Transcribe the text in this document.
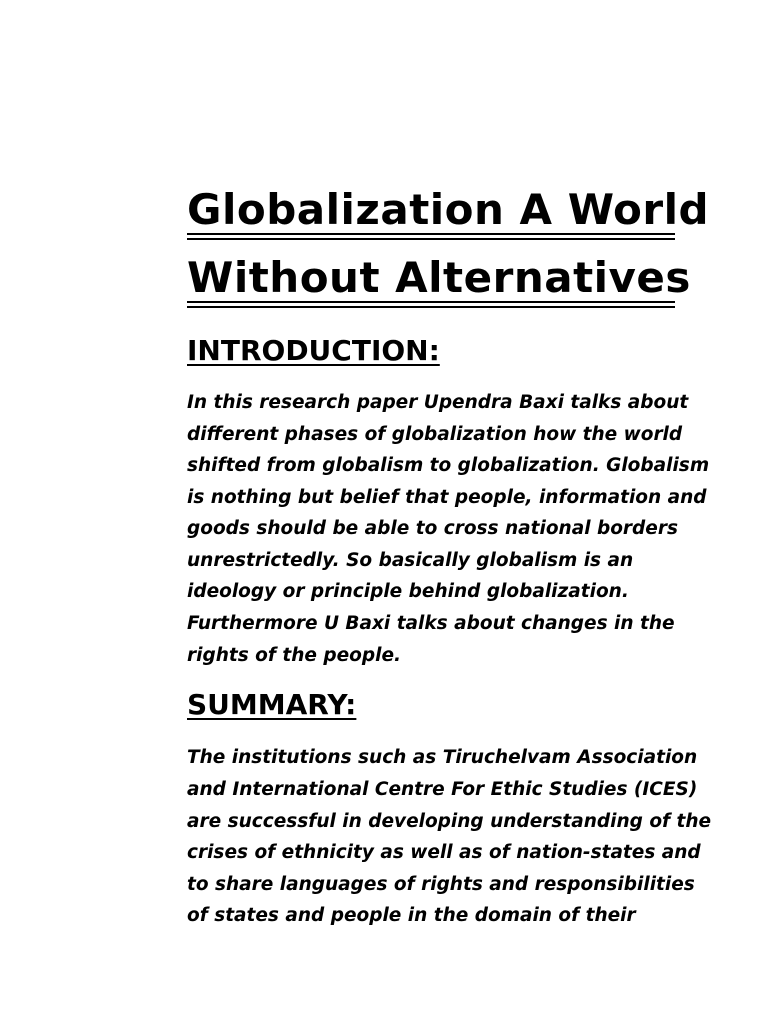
Globalization A World
Without Alternatives
INTRODUCTION:
In this research paper Upendra Baxi talks about
different phases of globalization how the world
shifted from globalism to globalization. Globalism
is nothing but belief that people, information and
goods should be able to cross national borders
unrestrictedly. So basically globalism is an
ideology or principle behind globalization.
Furthermore U Baxi talks about changes in the
rights of the people.
SUMMARY:
The institutions such as Tiruchelvam Association
and International Centre For Ethic Studies (ICES)
are successful in developing understanding of the
crises of ethnicity as well as of nation-states and
to share languages of rights and responsibilities
of states and people in the domain of their
